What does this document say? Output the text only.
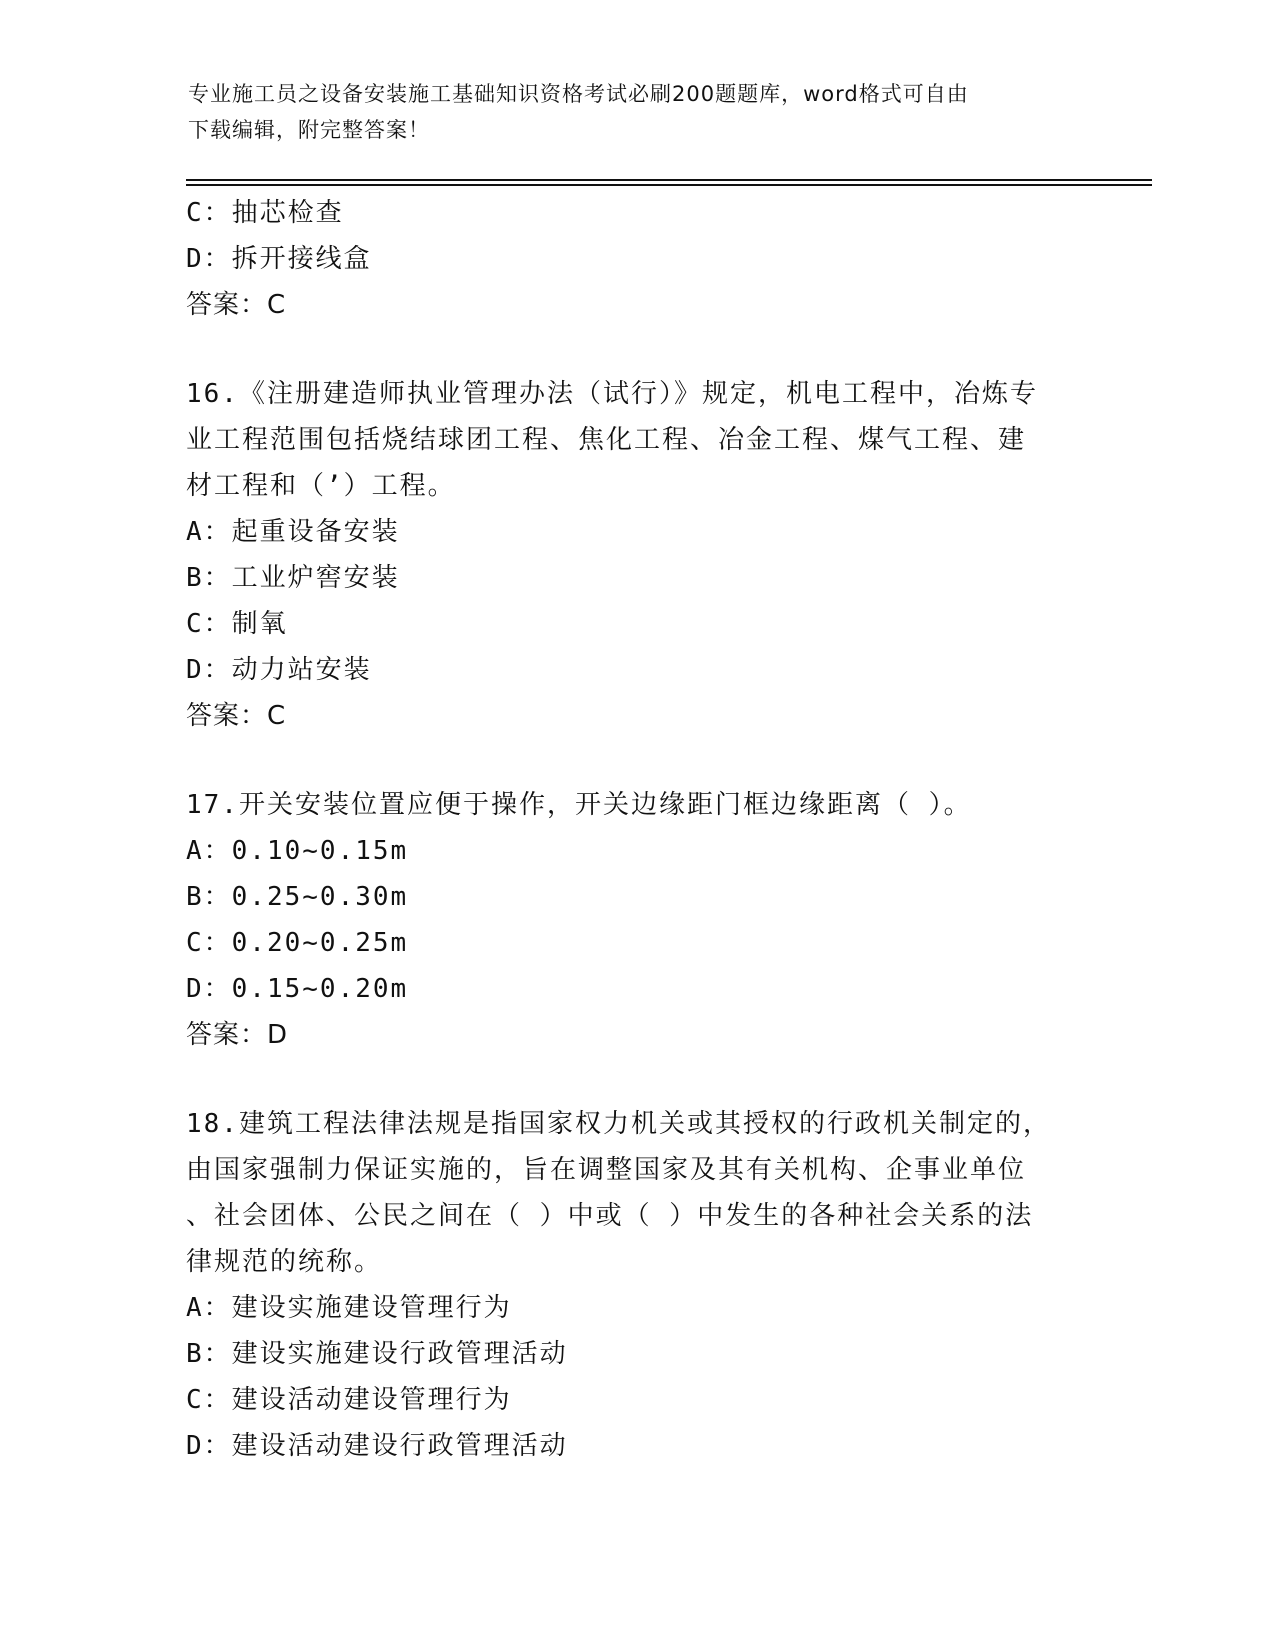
专业施工员之设备安装施工基础知识资格考试必刷200题题库，word格式可自由
下载编辑，附完整答案！
C：抽芯检查
D：拆开接线盒
答案：C
16.《注册建造师执业管理办法（试行）》规定，机电工程中，冶炼专
业工程范围包括烧结球团工程、焦化工程、冶金工程、煤气工程、建
材工程和（’）工程。
A：起重设备安装
B：工业炉窖安装
C：制氧
D：动力站安装
答案：C
17.开关安装位置应便于操作，开关边缘距门框边缘距离（ ）。
A：0.10~0.15m
B：0.25~0.30m
C：0.20~0.25m
D：0.15~0.20m
答案：D
18.建筑工程法律法规是指国家权力机关或其授权的行政机关制定的，
由国家强制力保证实施的，旨在调整国家及其有关机构、企事业单位
、社会团体、公民之间在（ ）中或（ ）中发生的各种社会关系的法
律规范的统称。
A：建设实施建设管理行为
B：建设实施建设行政管理活动
C：建设活动建设管理行为
D：建设活动建设行政管理活动
